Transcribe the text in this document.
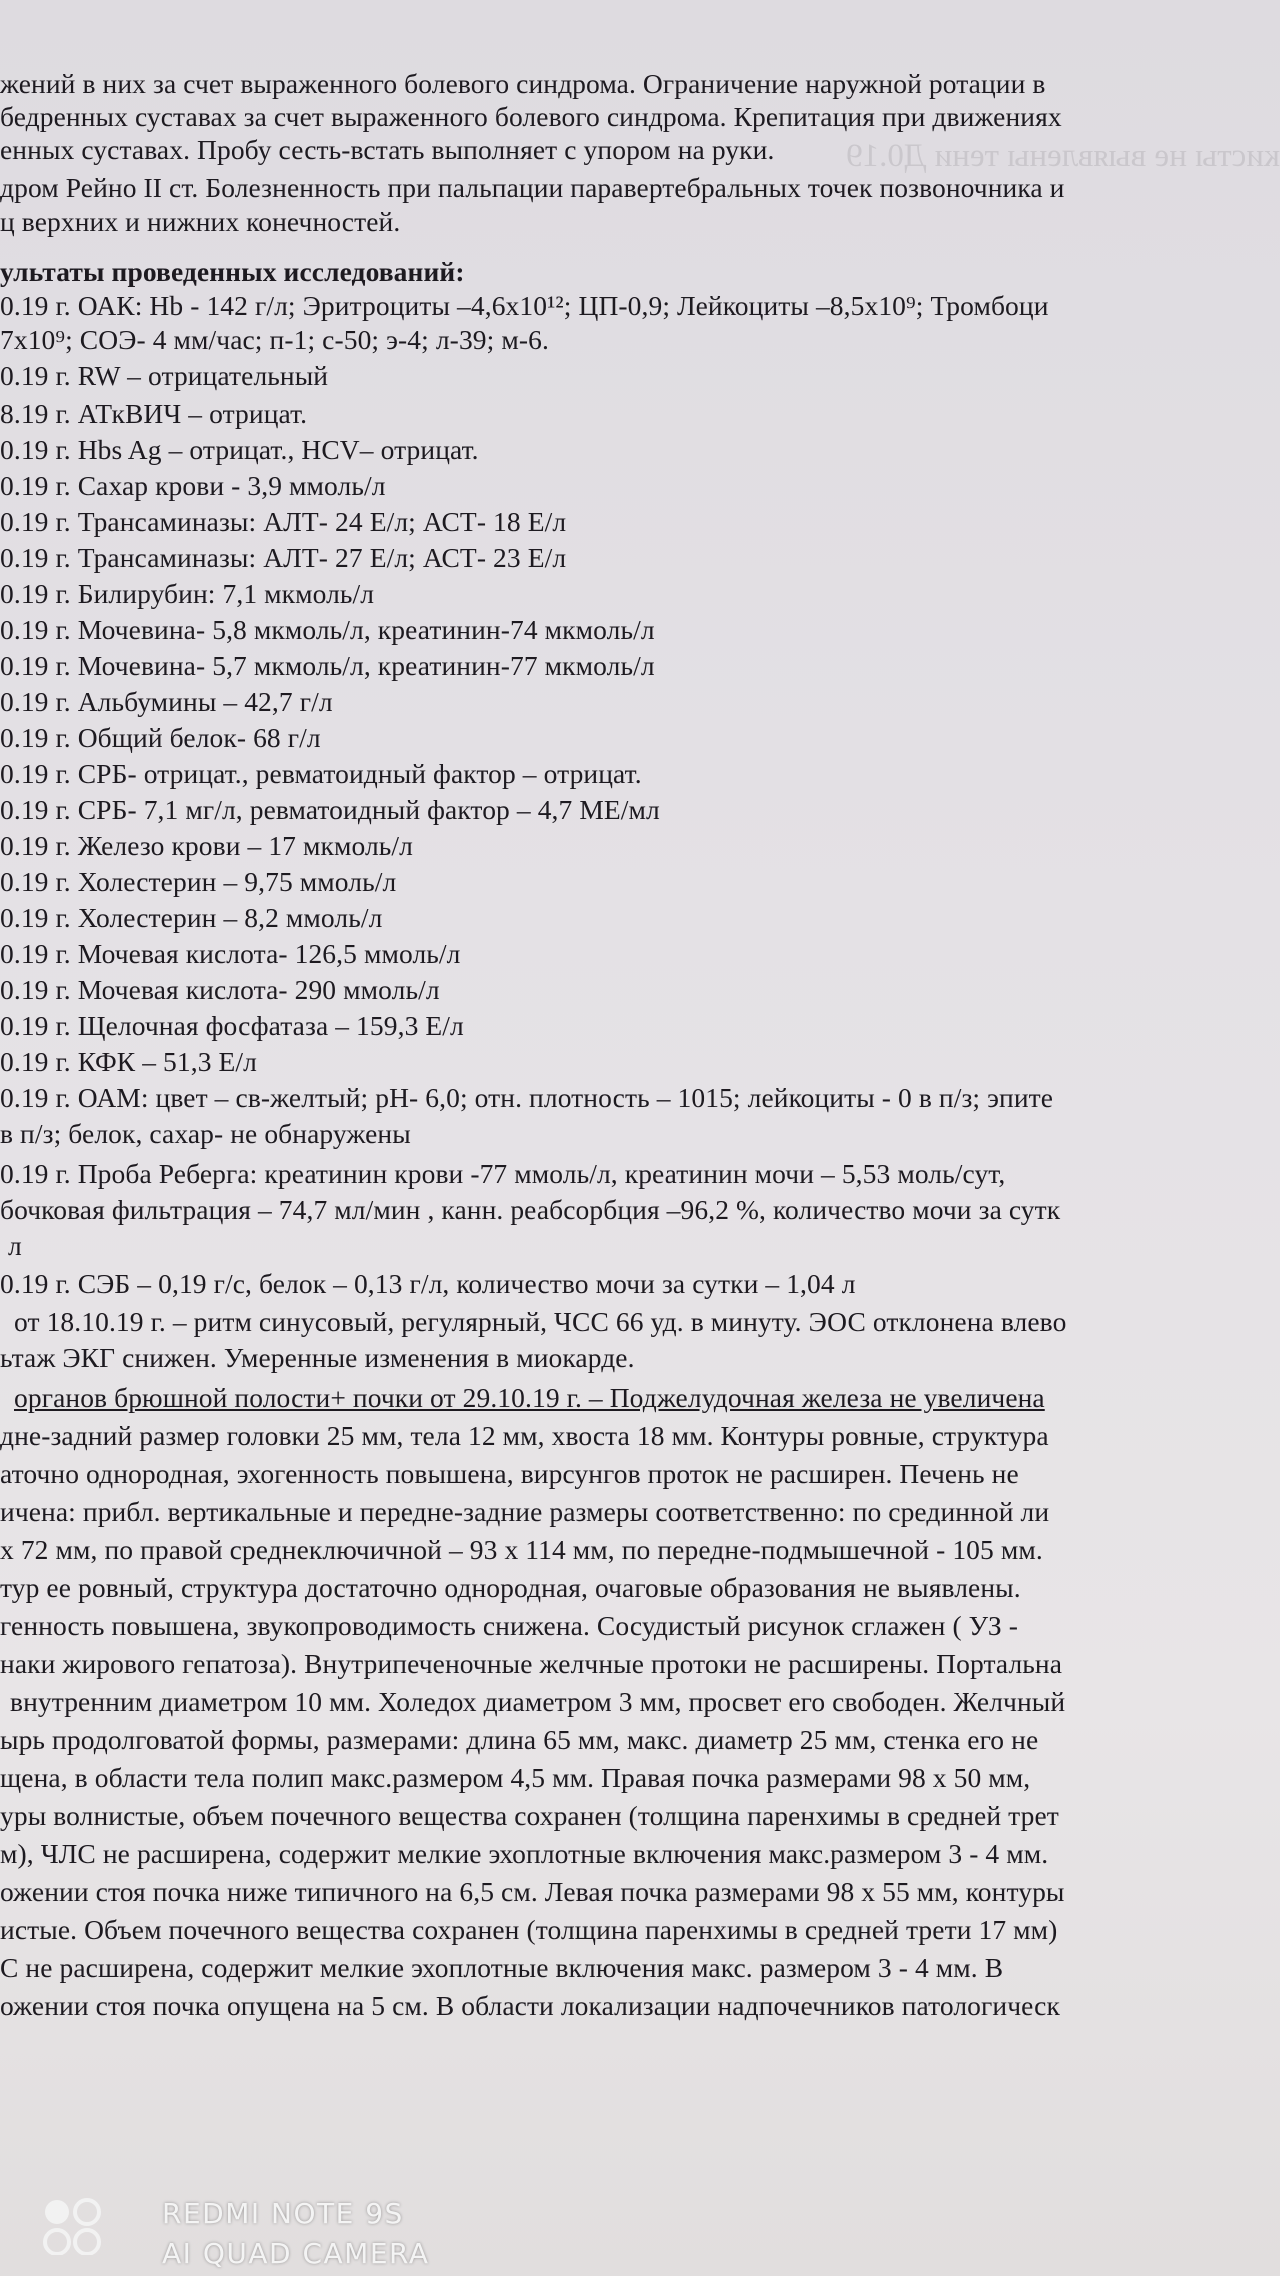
кисты не выявлены тени Д0.19
жений в них за счет выраженного болевого синдрома. Ограничение наружной ротации в
бедренных суставах за счет выраженного болевого синдрома. Крепитация при движениях
енных суставах. Пробу сесть-встать выполняет с упором на руки.
дром Рейно II ст. Болезненность при пальпации паравертебральных точек позвоночника и
ц верхних и нижних конечностей.
ультаты проведенных исследований:
0.19 г. ОАК: Hb - 142 г/л; Эритроциты –4,6x10¹²; ЦП-0,9; Лейкоциты –8,5x10⁹; Тромбоци
7x10⁹; СОЭ- 4 мм/час; п-1; с-50; э-4; л-39; м-6.
0.19 г. RW – отрицательный
8.19 г. АТкВИЧ – отрицат.
0.19 г. Hbs Ag – отрицат., HCV– отрицат.
0.19 г. Сахар крови - 3,9 ммоль/л
0.19 г. Трансаминазы: АЛТ- 24 Е/л; АСТ- 18 Е/л
0.19 г. Трансаминазы: АЛТ- 27 Е/л; АСТ- 23 Е/л
0.19 г. Билирубин: 7,1 мкмоль/л
0.19 г. Мочевина- 5,8 мкмоль/л, креатинин-74 мкмоль/л
0.19 г. Мочевина- 5,7 мкмоль/л, креатинин-77 мкмоль/л
0.19 г. Альбумины – 42,7 г/л
0.19 г. Общий белок- 68 г/л
0.19 г. СРБ- отрицат., ревматоидный фактор – отрицат.
0.19 г. СРБ- 7,1 мг/л, ревматоидный фактор – 4,7 МЕ/мл
0.19 г. Железо крови – 17 мкмоль/л
0.19 г. Холестерин – 9,75 ммоль/л
0.19 г. Холестерин – 8,2 ммоль/л
0.19 г. Мочевая кислота- 126,5 ммоль/л
0.19 г. Мочевая кислота- 290 ммоль/л
0.19 г. Щелочная фосфатаза – 159,3 Е/л
0.19 г. КФК – 51,3 Е/л
0.19 г. ОАМ: цвет – св-желтый; pH- 6,0; отн. плотность – 1015; лейкоциты - 0 в п/з; эпите
в п/з; белок, сахар- не обнаружены
0.19 г. Проба Реберга: креатинин крови -77 ммоль/л, креатинин мочи – 5,53 моль/сут,
бочковая фильтрация – 74,7 мл/мин , канн. реабсорбция –96,2 %, количество мочи за сутк
л
0.19 г. СЭБ – 0,19 г/с, белок – 0,13 г/л, количество мочи за сутки – 1,04 л
от 18.10.19 г. – ритм синусовый, регулярный, ЧСС 66 уд. в минуту. ЭОС отклонена влево
ьтаж ЭКГ снижен. Умеренные изменения в миокарде.
органов брюшной полости+ почки от 29.10.19 г. – Поджелудочная железа не увеличена
дне-задний размер головки 25 мм, тела 12 мм, хвоста 18 мм. Контуры ровные, структура
аточно однородная, эхогенность повышена, вирсунгов проток не расширен. Печень не
ичена: прибл. вертикальные и передне-задние размеры соответственно: по срединной ли
x 72 мм, по правой среднеключичной – 93 x 114 мм, по передне-подмышечной - 105 мм.
тур ее ровный, структура достаточно однородная, очаговые образования не выявлены.
генность повышена, звукопроводимость снижена. Сосудистый рисунок сглажен ( УЗ -
наки жирового гепатоза). Внутрипеченочные желчные протоки не расширены. Портальна
внутренним диаметром 10 мм. Холедох диаметром 3 мм, просвет его свободен. Желчный
ырь продолговатой формы, размерами: длина 65 мм, макс. диаметр 25 мм, стенка его не
щена, в области тела полип макс.размером 4,5 мм. Правая почка размерами 98 x 50 мм,
уры волнистые, объем почечного вещества сохранен (толщина паренхимы в средней трет
м), ЧЛС не расширена, содержит мелкие эхоплотные включения макс.размером 3 - 4 мм.
ожении стоя почка ниже типичного на 6,5 см. Левая почка размерами 98 x 55 мм, контуры
истые. Объем почечного вещества сохранен (толщина паренхимы в средней трети 17 мм)
С не расширена, содержит мелкие эхоплотные включения макс. размером 3 - 4 мм. В
ожении стоя почка опущена на 5 см. В области локализации надпочечников патологическ
REDMI NOTE 9S
AI QUAD CAMERA
